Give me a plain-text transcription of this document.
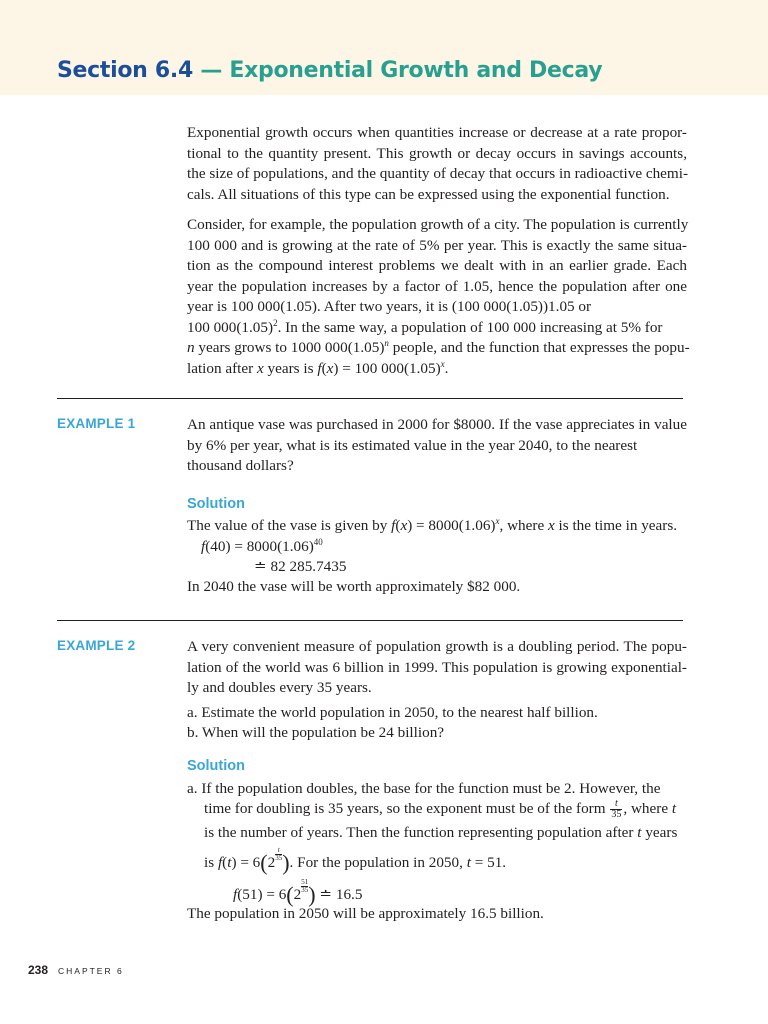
Section 6.4 — Exponential Growth and Decay
Exponential growth occurs when quantities increase or decrease at a rate propor-
tional to the quantity present. This growth or decay occurs in savings accounts,
the size of populations, and the quantity of decay that occurs in radioactive chemi-
cals. All situations of this type can be expressed using the exponential function.
Consider, for example, the population growth of a city. The population is currently
100 000 and is growing at the rate of 5% per year. This is exactly the same situa-
tion as the compound interest problems we dealt with in an earlier grade. Each
year the population increases by a factor of 1.05, hence the population after one
year is 100 000(1.05). After two years, it is (100 000(1.05))1.05 or
100 $000(1.05)^2$. In the same way, a population of 100 000 increasing at 5% for
n years grows to 1000 $000(1.05)^n$ people, and the function that expresses the popu-
lation after x years is f(x) = 100 $000(1.05)^x$.
EXAMPLE 1	An antique vase was purchased in 2000 for $8000. If the vase appreciates in value
by 6% per year, what is its estimated value in the year 2040, to the nearest
thousand dollars?
Solution
The value of the vase is given by $f(x) = 8000(1.06)^x$, where x is the time in years.
$f(40) = 8000(1.06)^{40}$
≐ 82 285.7435
In 2040 the vase will be worth approximately $82 000.
EXAMPLE 2	A very convenient measure of population growth is a doubling period. The popu-
lation of the world was 6 billion in 1999. This population is growing exponential-
ly and doubles every 35 years.
a. Estimate the world population in 2050, to the nearest half billion.
b. When will the population be 24 billion?
Solution
a. If the population doubles, the base for the function must be 2. However, the
time for doubling is 35 years, so the exponent must be of the form $\frac{t}{35}$ , where t
is the number of years. Then the function representing population after t years
is $f(t) = 6(2 \frac{t}{35}$ ). For the population in 2050, t = 51.
$f(51) = 6(2 \frac{51}{35}$ ) ≐ 16.5
The population in 2050 will be approximately 16.5 billion.
238 CHAPTER 6
